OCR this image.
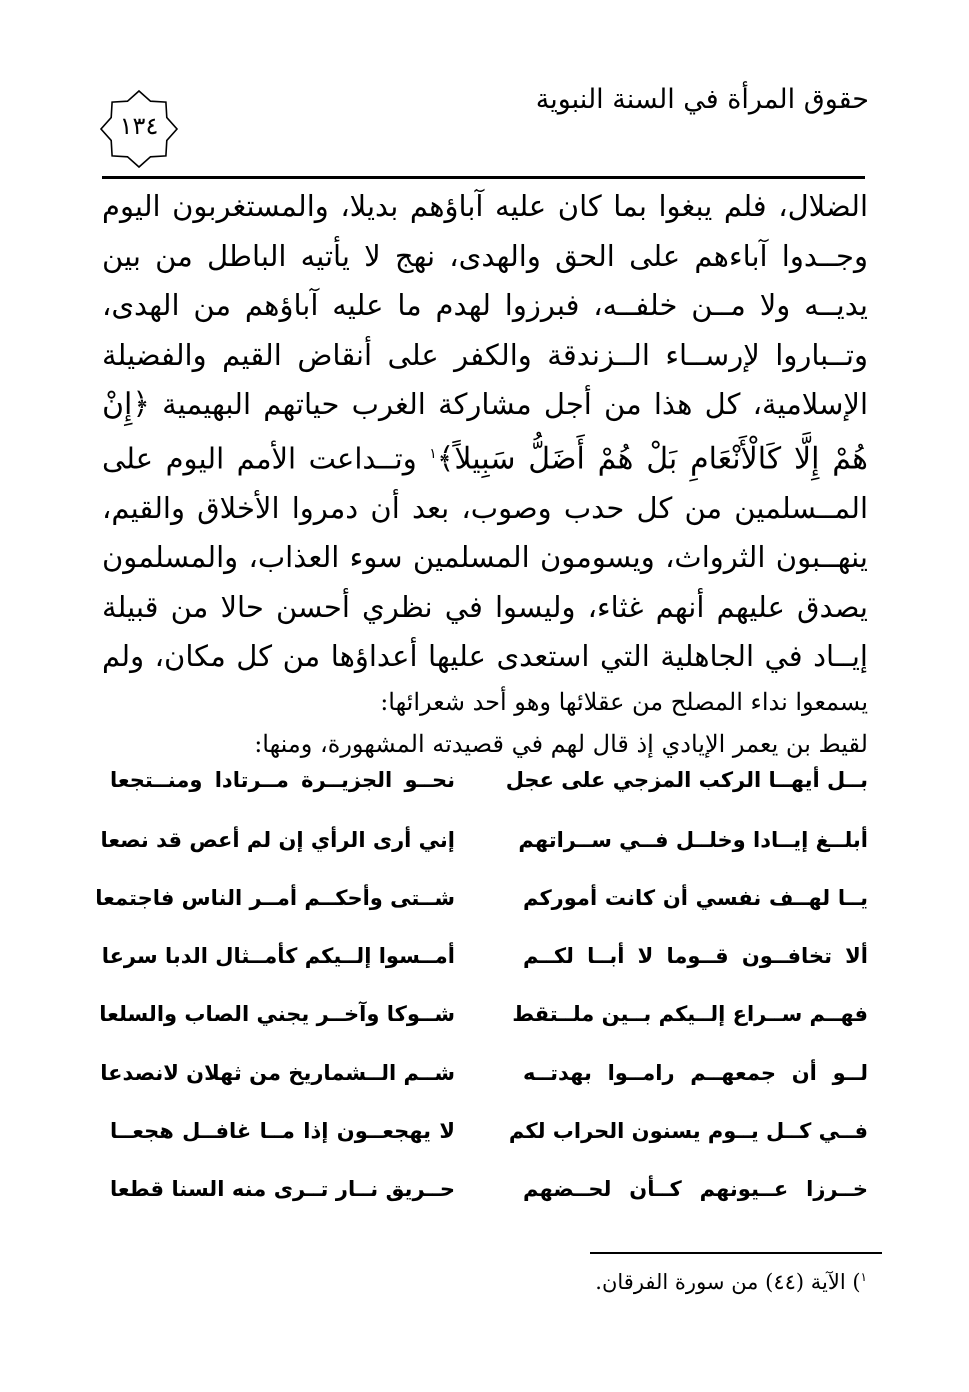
حقوق المرأة في السنة النبوية
١٣٤
الضلال، فلم يبغوا بما كان عليه آباؤهم بديلا، والمستغربون اليوم
وجــدوا آباءهم على الحق والهدى، نهج لا يأتيه الباطل من بين
يديــه ولا مــن خلفــه، فبرزوا لهدم ما عليه آباؤهم من الهدى،
وتــباروا لإرســاء الــزندقة والكفر على أنقاض القيم والفضيلة
الإسلامية، كل هذا من أجل مشاركة الغرب حياتهم البهيمية ﴿إِنْ
هُمْ إِلَّا كَالْأَنْعَامِ بَلْ هُمْ أَضَلُّ سَبِيلاً﴾$^١$ وتــداعت الأمم اليوم على
المــسلمين من كل حدب وصوب، بعد أن دمروا الأخلاق والقيم،
ينهــبون الثرواث، ويسومون المسلمين سوء العذاب، والمسلمون
يصدق عليهم أنهم غثاء، وليسوا في نظري أحسن حالا من قبيلة
إيــاد في الجاهلية التي استعدى عليها أعداؤها من كل مكان، ولم
يسمعوا نداء المصلح من عقلائها وهو أحد شعرائها:
لقيط بن يعمر الإيادي إذ قال لهم في قصيدته المشهورة، ومنها:
بــل أيهــا الركب المزجي على عجل
نحــو الجزيــرة مــرتادا ومنــتجعا
أبلــغ إيــادا وخلــل فــي ســراتهم
إني أرى الرأي إن لم أعص قد نصعا
يــا لهــف نفسي أن كانت أموركم
شــتى وأحكــم أمــر الناس فاجتمعا
ألا تخافــون قــوما لا أبــا لكــم
أمــسوا إلــيكم كأمــثال الدبا سرعا
فهــم ســراع إلــيكم بــين ملــتقط
شــوكا وآخــر يجني الصاب والسلعا
لــو أن جمعهــم رامــوا بهدتــه
شــم الــشماريخ من ثهلان لانصدعا
فــي كــل يــوم يسنون الحراب لكم
لا يهجعــون إذا مــا غافــل هجعــا
خــرزا عــيونهم كــأن لحــضهم
حــريق نــار تــرى منه السنا قطعا
$^١$) الآية (٤٤) من سورة الفرقان.
